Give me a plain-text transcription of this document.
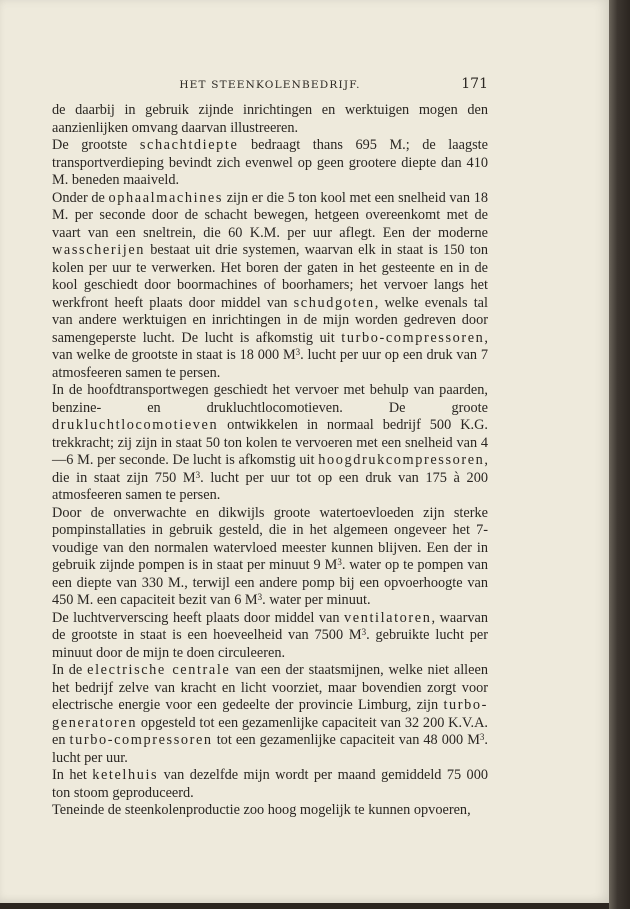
HET STEENKOLENBEDRIJF.	171

de daarbij in gebruik zijnde inrichtingen en werktuigen mogen den aanzienlijken omvang daarvan illustreeren.

De grootste schachtdiepte bedraagt thans 695 M.; de laagste transportverdieping bevindt zich evenwel op geen grootere diepte dan 410 M. beneden maaiveld.

Onder de ophaalmachines zijn er die 5 ton kool met een snelheid van 18 M. per seconde door de schacht bewegen, hetgeen overeenkomt met de vaart van een sneltrein, die 60 K.M. per uur aflegt. Een der moderne wasscherijen bestaat uit drie systemen, waarvan elk in staat is 150 ton kolen per uur te verwerken. Het boren der gaten in het gesteente en in de kool geschiedt door boormachines of boorhamers; het vervoer langs het werkfront heeft plaats door middel van schudgoten, welke evenals tal van andere werktuigen en inrichtingen in de mijn worden gedreven door samengeperste lucht. De lucht is afkomstig uit turbo-compressoren, van welke de grootste in staat is 18 000 $M^3$. lucht per uur op een druk van 7 atmosfeeren samen te persen.

In de hoofdtransportwegen geschiedt het vervoer met behulp van paarden, benzine- en drukluchtlocomotieven. De groote drukluchtlocomotieven ontwikkelen in normaal bedrijf 500 K.G. trekkracht; zij zijn in staat 50 ton kolen te vervoeren met een snelheid van 4—6 M. per seconde. De lucht is afkomstig uit hoogdrukcompressoren, die in staat zijn 750 $M^3$. lucht per uur tot op een druk van 175 à 200 atmosfeeren samen te persen.

Door de onverwachte en dikwijls groote watertoevloeden zijn sterke pompinstallaties in gebruik gesteld, die in het algemeen ongeveer het 7-voudige van den normalen watervloed meester kunnen blijven. Een der in gebruik zijnde pompen is in staat per minuut 9 $M^3$. water op te pompen van een diepte van 330 M., terwijl een andere pomp bij een opvoerhoogte van 450 M. een capaciteit bezit van 6 $M^3$. water per minuut.

De luchtververscing heeft plaats door middel van ventilatoren, waarvan de grootste in staat is een hoeveelheid van 7500 $M^3$. gebruikte lucht per minuut door de mijn te doen circuleeren.

In de electrische centrale van een der staatsmijnen, welke niet alleen het bedrijf zelve van kracht en licht voorziet, maar bovendien zorgt voor electrische energie voor een gedeelte der provincie Limburg, zijn turbo-generatoren opgesteld tot een gezamenlijke capaciteit van 32 200 K.V.A. en turbo-compressoren tot een gezamenlijke capaciteit van 48 000 $M^3$. lucht per uur.

In het ketelhuis van dezelfde mijn wordt per maand gemiddeld 75 000 ton stoom geproduceerd.

Teneinde de steenkolenproductie zoo hoog mogelijk te kunnen opvoeren,
